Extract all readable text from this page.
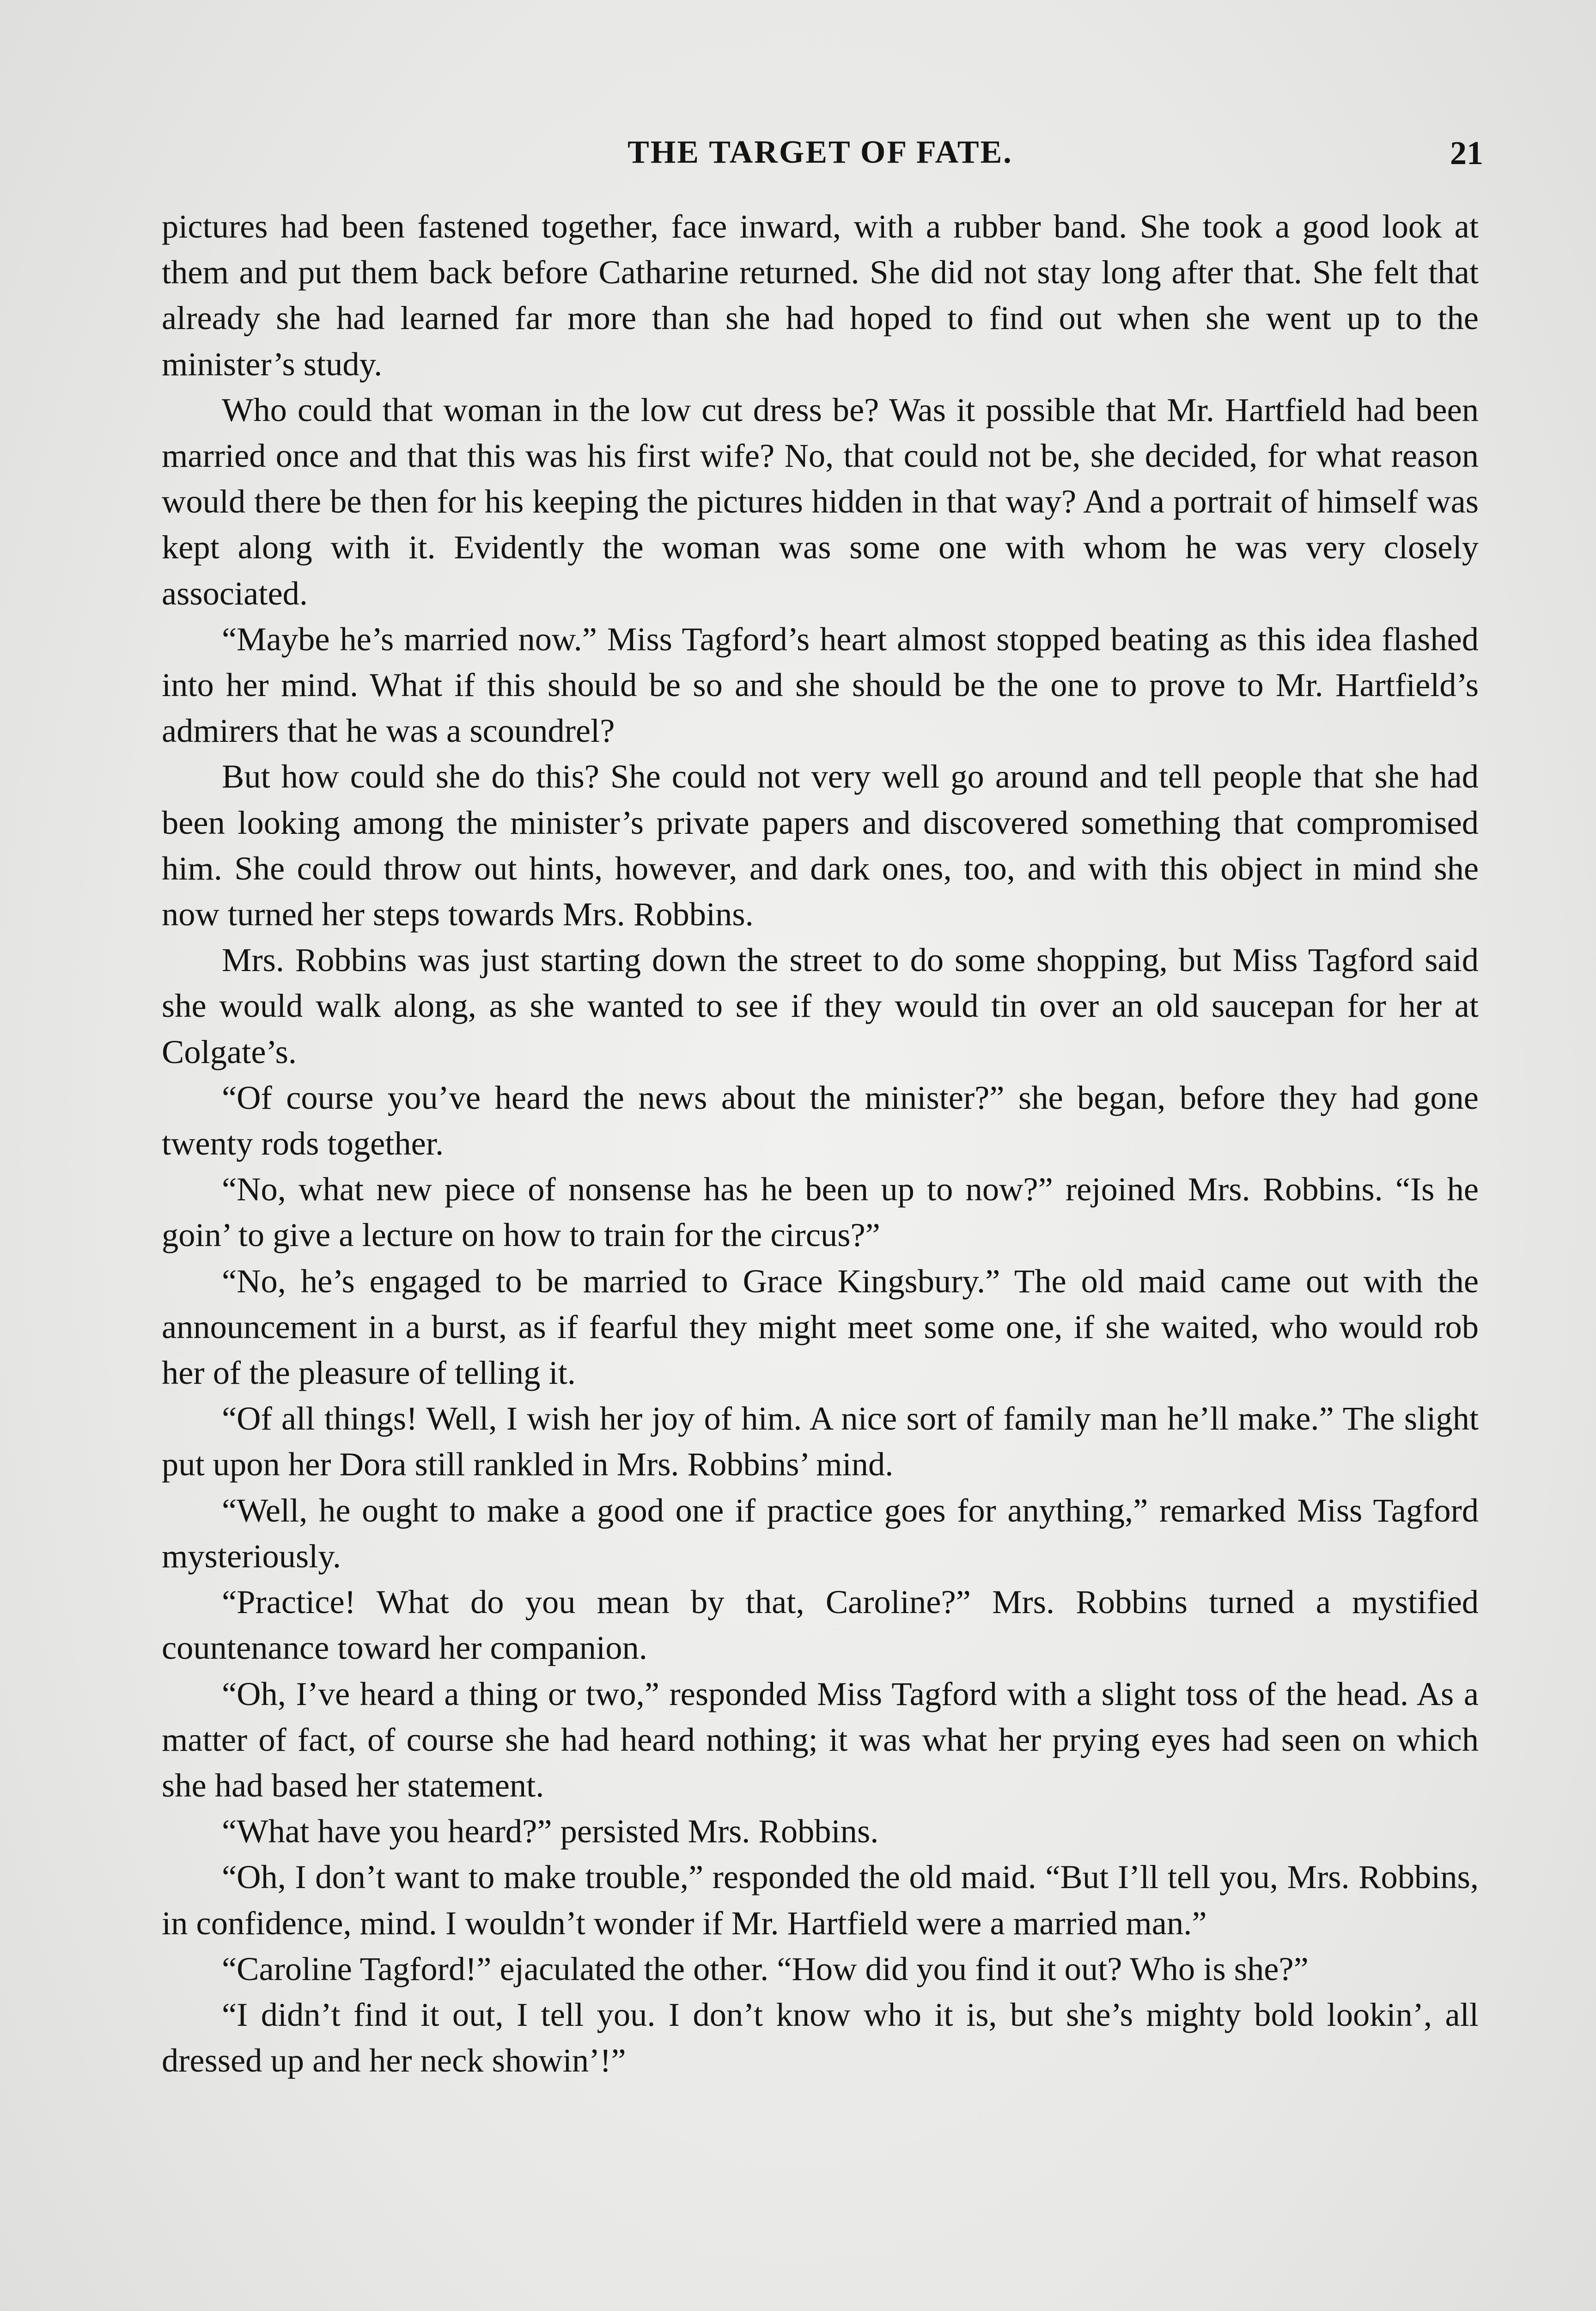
THE TARGET OF FATE.	21

pictures had been fastened together, face inward, with a rubber band. She took a good look at them and put them back before Catharine returned. She did not stay long after that. She felt that already she had learned far more than she had hoped to find out when she went up to the minister’s study.

Who could that woman in the low cut dress be? Was it possible that Mr. Hartfield had been married once and that this was his first wife? No, that could not be, she decided, for what reason would there be then for his keeping the pictures hidden in that way? And a portrait of himself was kept along with it. Evidently the woman was some one with whom he was very closely associated.

“Maybe he’s married now.” Miss Tagford’s heart almost stopped beating as this idea flashed into her mind. What if this should be so and she should be the one to prove to Mr. Hartfield’s admirers that he was a scoundrel?

But how could she do this? She could not very well go around and tell people that she had been looking among the minister’s private papers and discovered something that compromised him. She could throw out hints, however, and dark ones, too, and with this object in mind she now turned her steps towards Mrs. Robbins.

Mrs. Robbins was just starting down the street to do some shopping, but Miss Tagford said she would walk along, as she wanted to see if they would tin over an old saucepan for her at Colgate’s.

“Of course you’ve heard the news about the minister?” she began, before they had gone twenty rods together.

“No, what new piece of nonsense has he been up to now?” rejoined Mrs. Robbins. “Is he goin’ to give a lecture on how to train for the circus?”

“No, he’s engaged to be married to Grace Kingsbury.” The old maid came out with the announcement in a burst, as if fearful they might meet some one, if she waited, who would rob her of the pleasure of telling it.

“Of all things! Well, I wish her joy of him. A nice sort of family man he’ll make.” The slight put upon her Dora still rankled in Mrs. Robbins’ mind.

“Well, he ought to make a good one if practice goes for anything,” remarked Miss Tagford mysteriously.

“Practice! What do you mean by that, Caroline?” Mrs. Robbins turned a mystified countenance toward her companion.

“Oh, I’ve heard a thing or two,” responded Miss Tagford with a slight toss of the head. As a matter of fact, of course she had heard nothing; it was what her prying eyes had seen on which she had based her statement.

“What have you heard?” persisted Mrs. Robbins.

“Oh, I don’t want to make trouble,” responded the old maid. “But I’ll tell you, Mrs. Robbins, in confidence, mind. I wouldn’t wonder if Mr. Hartfield were a married man.”

“Caroline Tagford!” ejaculated the other. “How did you find it out? Who is she?”

“I didn’t find it out, I tell you. I don’t know who it is, but she’s mighty bold lookin’, all dressed up and her neck showin’!”
